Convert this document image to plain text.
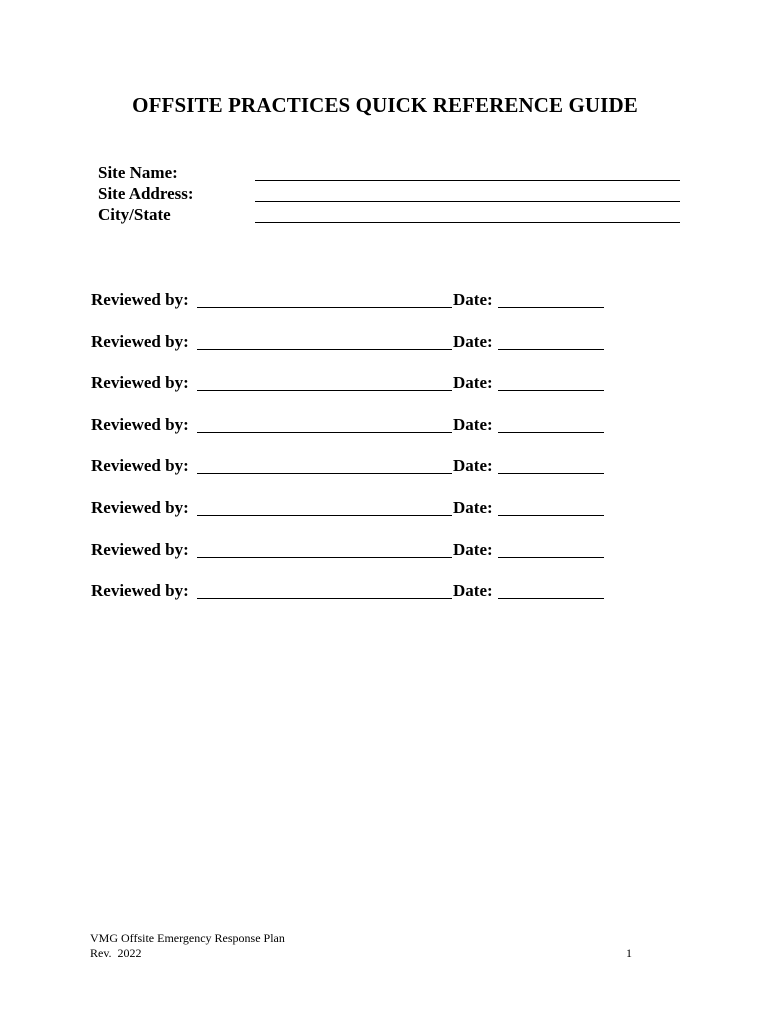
OFFSITE PRACTICES QUICK REFERENCE GUIDE
Site Name:
Site Address:
City/State
Reviewed by:	Date:
Reviewed by:	Date:
Reviewed by:	Date:
Reviewed by:	Date:
Reviewed by:	Date:
Reviewed by:	Date:
Reviewed by:	Date:
Reviewed by:	Date:
VMG Offsite Emergency Response Plan
Rev.  2022	1
